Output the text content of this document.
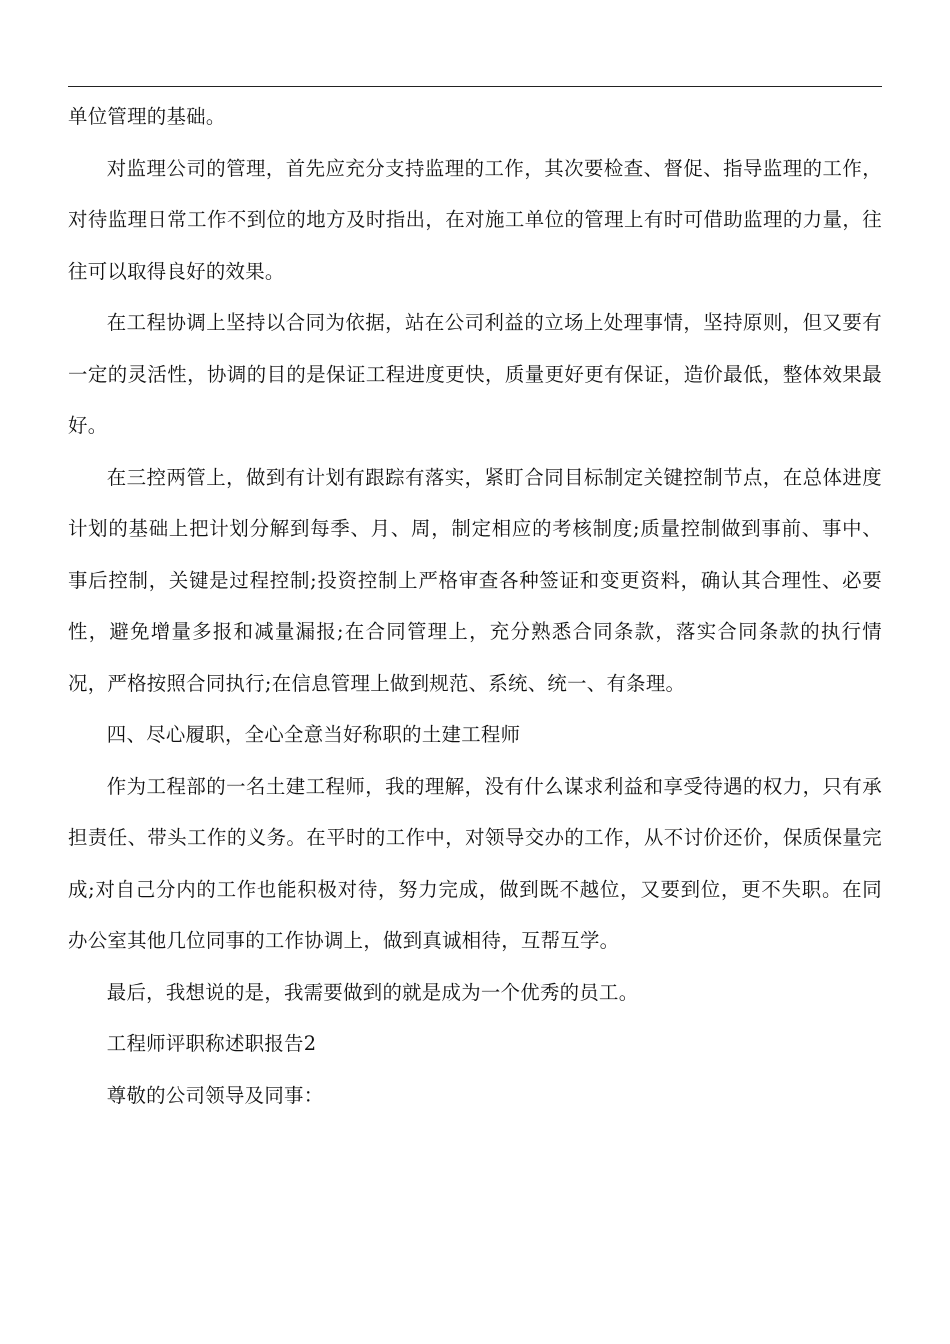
单位管理的基础。

对监理公司的管理，首先应充分支持监理的工作，其次要检查、督促、指导监理的工作，对待监理日常工作不到位的地方及时指出，在对施工单位的管理上有时可借助监理的力量，往往可以取得良好的效果。

在工程协调上坚持以合同为依据，站在公司利益的立场上处理事情，坚持原则，但又要有一定的灵活性，协调的目的是保证工程进度更快，质量更好更有保证，造价最低，整体效果最好。

在三控两管上，做到有计划有跟踪有落实，紧盯合同目标制定关键控制节点，在总体进度计划的基础上把计划分解到每季、月、周，制定相应的考核制度;质量控制做到事前、事中、事后控制，关键是过程控制;投资控制上严格审查各种签证和变更资料，确认其合理性、必要性，避免增量多报和减量漏报;在合同管理上，充分熟悉合同条款，落实合同条款的执行情况，严格按照合同执行;在信息管理上做到规范、系统、统一、有条理。

四、尽心履职，全心全意当好称职的土建工程师

作为工程部的一名土建工程师，我的理解，没有什么谋求利益和享受待遇的权力，只有承担责任、带头工作的义务。在平时的工作中，对领导交办的工作，从不讨价还价，保质保量完成;对自己分内的工作也能积极对待，努力完成，做到既不越位，又要到位，更不失职。在同办公室其他几位同事的工作协调上，做到真诚相待，互帮互学。

最后，我想说的是，我需要做到的就是成为一个优秀的员工。

工程师评职称述职报告2

尊敬的公司领导及同事：
